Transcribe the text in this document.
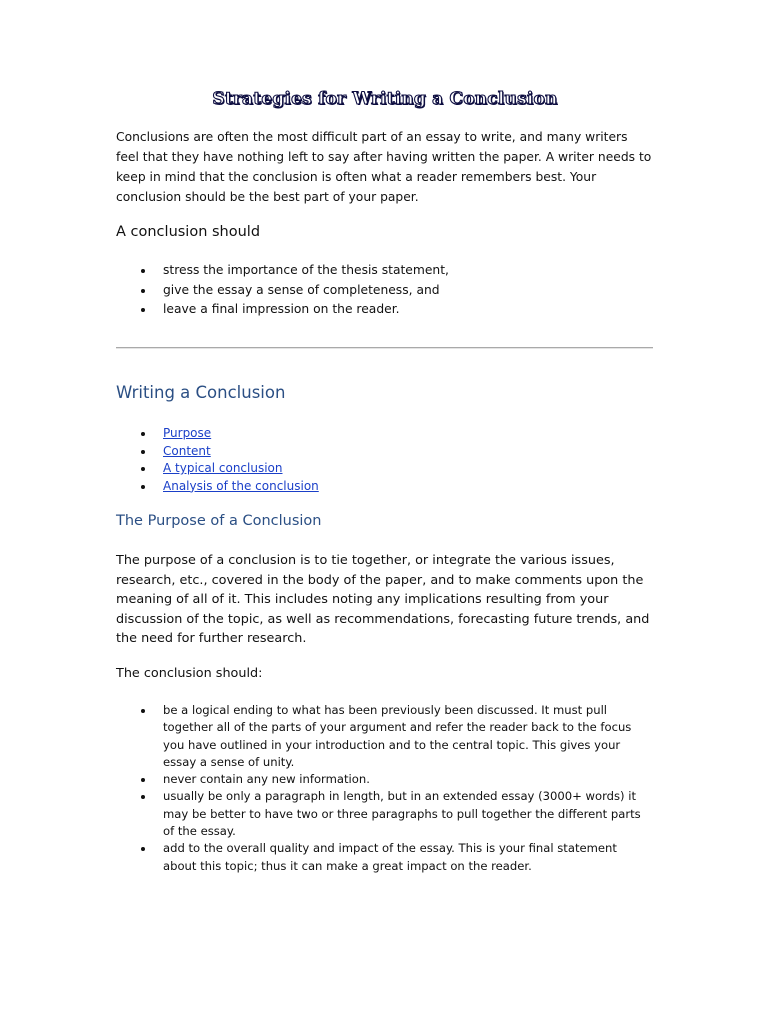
Strategies for Writing a Conclusion

Conclusions are often the most difficult part of an essay to write, and many writers feel that they have nothing left to say after having written the paper. A writer needs to keep in mind that the conclusion is often what a reader remembers best. Your conclusion should be the best part of your paper.

A conclusion should

stress the importance of the thesis statement,
give the essay a sense of completeness, and
leave a final impression on the reader.
Writing a Conclusion
Purpose
Content
A typical conclusion
Analysis of the conclusion
The Purpose of a Conclusion

The purpose of a conclusion is to tie together, or integrate the various issues, research, etc., covered in the body of the paper, and to make comments upon the meaning of all of it. This includes noting any implications resulting from your discussion of the topic, as well as recommendations, forecasting future trends, and the need for further research.

The conclusion should:

be a logical ending to what has been previously been discussed. It must pull together all of the parts of your argument and refer the reader back to the focus you have outlined in your introduction and to the central topic. This gives your essay a sense of unity.
never contain any new information.
usually be only a paragraph in length, but in an extended essay (3000+ words) it may be better to have two or three paragraphs to pull together the different parts of the essay.
add to the overall quality and impact of the essay. This is your final statement about this topic; thus it can make a great impact on the reader.
